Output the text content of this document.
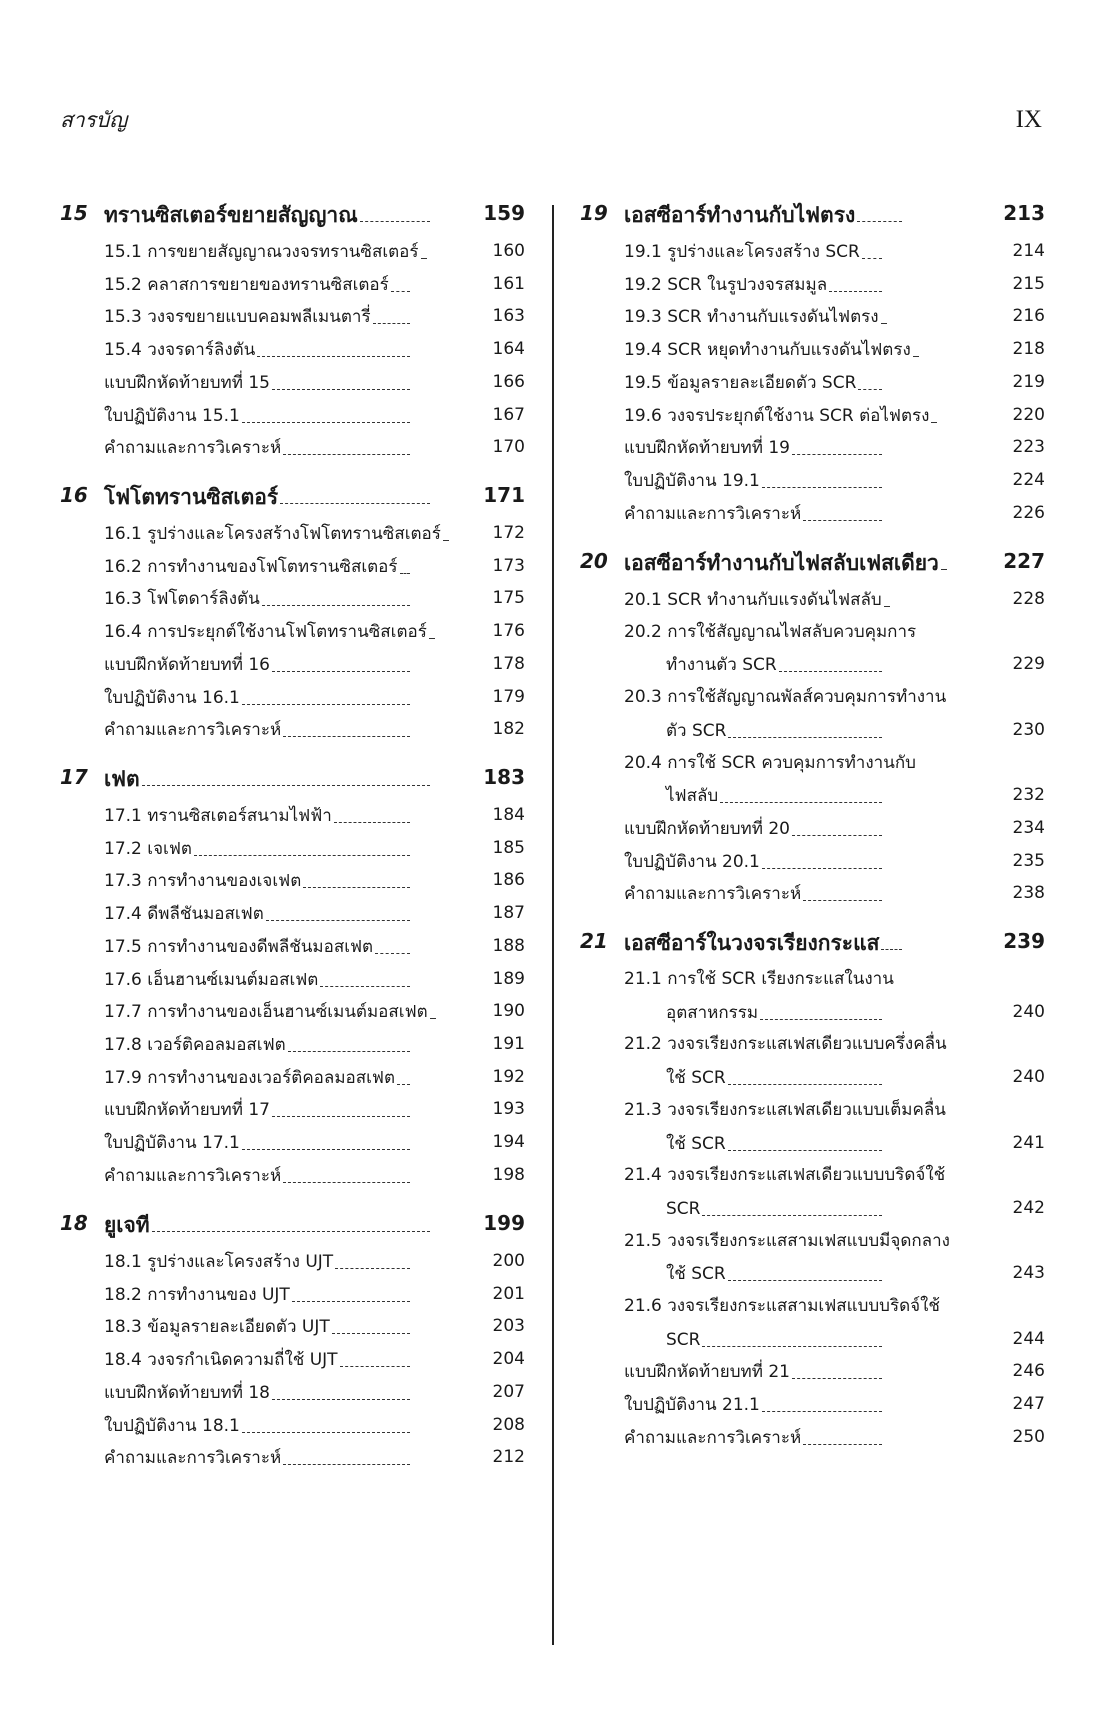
สารบัญ	IX
15 ทรานซิสเตอร์ขยายสัญญาณ	159
15.1 การขยายสัญญาณวงจรทรานซิสเตอร์	160
15.2 คลาสการขยายของทรานซิสเตอร์	161
15.3 วงจรขยายแบบคอมพลีเมนตารี่	163
15.4 วงจรดาร์ลิงตัน	164
แบบฝึกหัดท้ายบทที่ 15	166
ใบปฏิบัติงาน 15.1	167
คำถามและการวิเคราะห์	170
16 โฟโตทรานซิสเตอร์	171
16.1 รูปร่างและโครงสร้างโฟโตทรานซิสเตอร์	172
16.2 การทำงานของโฟโตทรานซิสเตอร์	173
16.3 โฟโตดาร์ลิงตัน	175
16.4 การประยุกต์ใช้งานโฟโตทรานซิสเตอร์	176
แบบฝึกหัดท้ายบทที่ 16	178
ใบปฏิบัติงาน 16.1	179
คำถามและการวิเคราะห์	182
17 เฟต	183
17.1 ทรานซิสเตอร์สนามไฟฟ้า	184
17.2 เจเฟต	185
17.3 การทำงานของเจเฟต	186
17.4 ดีพลีชันมอสเฟต	187
17.5 การทำงานของดีพลีชันมอสเฟต	188
17.6 เอ็นฮานซ์เมนต์มอสเฟต	189
17.7 การทำงานของเอ็นฮานซ์เมนต์มอสเฟต	190
17.8 เวอร์ติคอลมอสเฟต	191
17.9 การทำงานของเวอร์ติคอลมอสเฟต	192
แบบฝึกหัดท้ายบทที่ 17	193
ใบปฏิบัติงาน 17.1	194
คำถามและการวิเคราะห์	198
18 ยูเจที	199
18.1 รูปร่างและโครงสร้าง UJT	200
18.2 การทำงานของ UJT	201
18.3 ข้อมูลรายละเอียดตัว UJT	203
18.4 วงจรกำเนิดความถี่ใช้ UJT	204
แบบฝึกหัดท้ายบทที่ 18	207
ใบปฏิบัติงาน 18.1	208
คำถามและการวิเคราะห์	212
19 เอสซีอาร์ทำงานกับไฟตรง	213
19.1 รูปร่างและโครงสร้าง SCR	214
19.2 SCR ในรูปวงจรสมมูล	215
19.3 SCR ทำงานกับแรงดันไฟตรง	216
19.4 SCR หยุดทำงานกับแรงดันไฟตรง	218
19.5 ข้อมูลรายละเอียดตัว SCR	219
19.6 วงจรประยุกต์ใช้งาน SCR ต่อไฟตรง	220
แบบฝึกหัดท้ายบทที่ 19	223
ใบปฏิบัติงาน 19.1	224
คำถามและการวิเคราะห์	226
20 เอสซีอาร์ทำงานกับไฟสลับเฟสเดียว	227
20.1 SCR ทำงานกับแรงดันไฟสลับ	228
20.2 การใช้สัญญาณไฟสลับควบคุมการ
ทำงานตัว SCR	229
20.3 การใช้สัญญาณพัลส์ควบคุมการทำงาน
ตัว SCR	230
20.4 การใช้ SCR ควบคุมการทำงานกับ
ไฟสลับ	232
แบบฝึกหัดท้ายบทที่ 20	234
ใบปฏิบัติงาน 20.1	235
คำถามและการวิเคราะห์	238
21 เอสซีอาร์ในวงจรเรียงกระแส	239
21.1 การใช้ SCR เรียงกระแสในงาน
อุตสาหกรรม	240
21.2 วงจรเรียงกระแสเฟสเดียวแบบครึ่งคลื่น
ใช้ SCR	240
21.3 วงจรเรียงกระแสเฟสเดียวแบบเต็มคลื่น
ใช้ SCR	241
21.4 วงจรเรียงกระแสเฟสเดียวแบบบริดจ์ใช้
SCR	242
21.5 วงจรเรียงกระแสสามเฟสแบบมีจุดกลาง
ใช้ SCR	243
21.6 วงจรเรียงกระแสสามเฟสแบบบริดจ์ใช้
SCR	244
แบบฝึกหัดท้ายบทที่ 21	246
ใบปฏิบัติงาน 21.1	247
คำถามและการวิเคราะห์	250
